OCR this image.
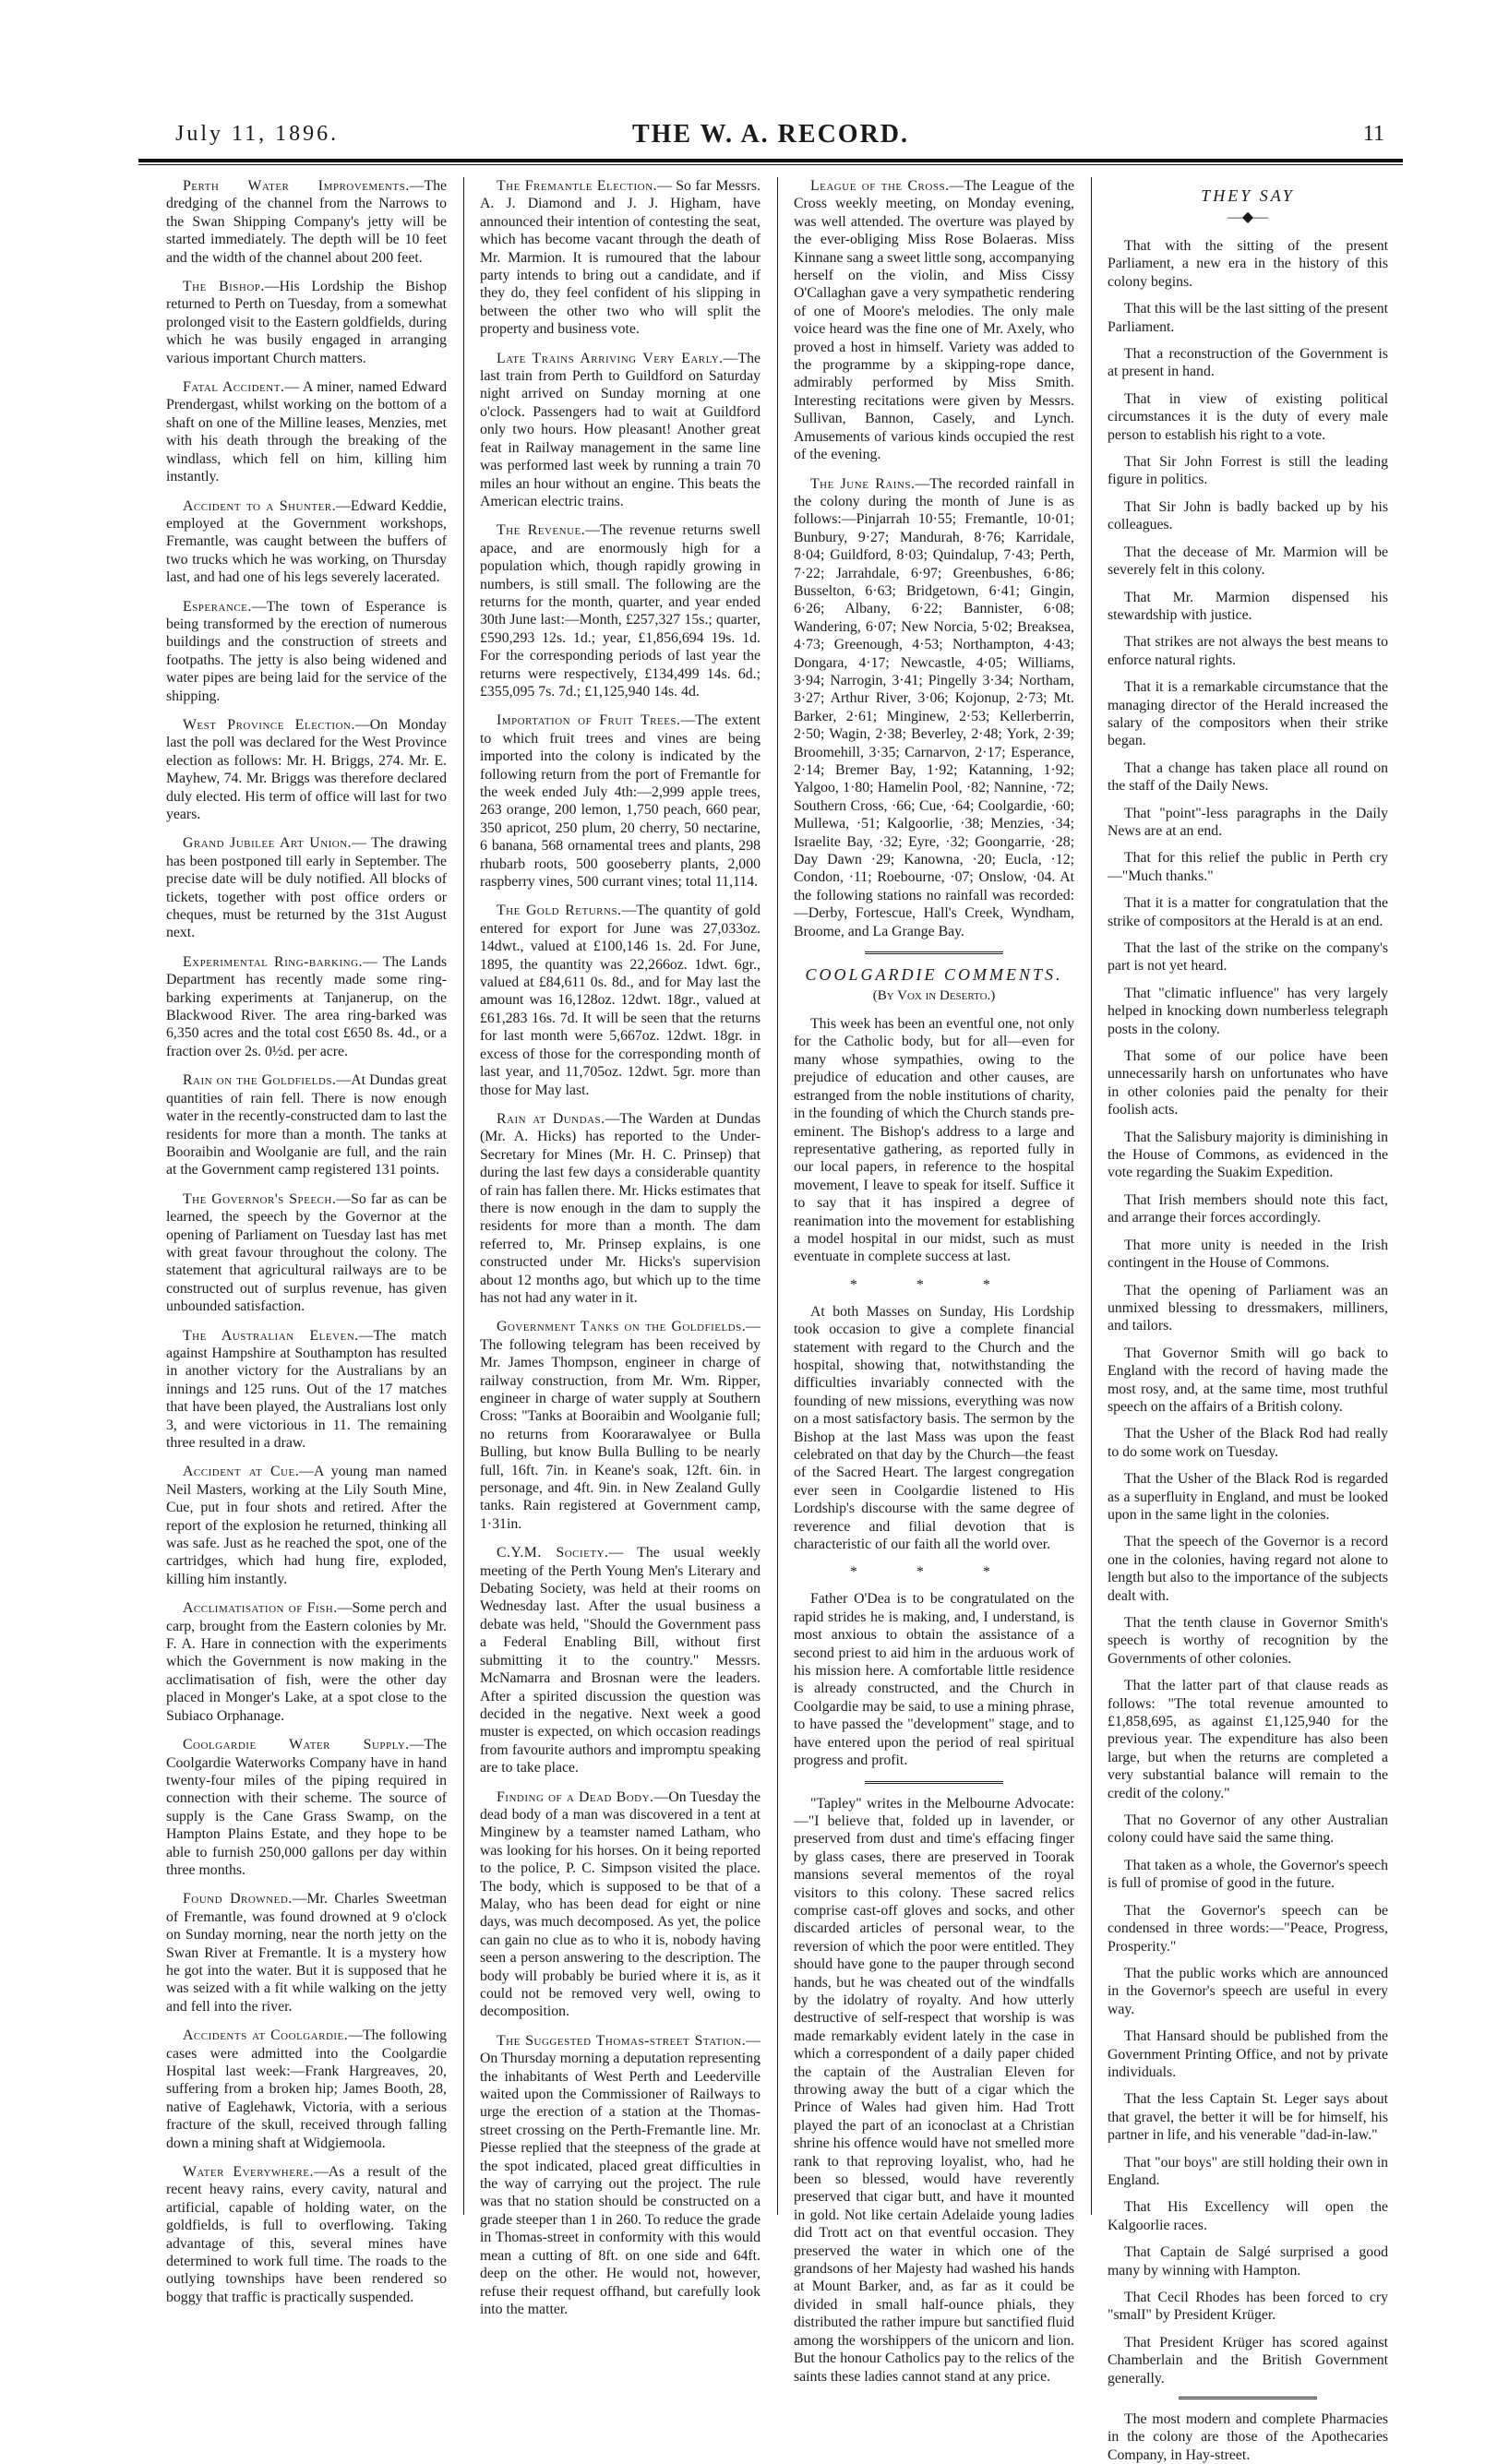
July 11, 1896.	THE W. A. RECORD.	11

Perth Water Improvements.—The dredging of the channel from the Narrows to the Swan Shipping Company's jetty will be started immediately. The depth will be 10 feet and the width of the channel about 200 feet.

The Bishop.—His Lordship the Bishop returned to Perth on Tuesday, from a somewhat prolonged visit to the Eastern goldfields, during which he was busily engaged in arranging various important Church matters.

Fatal Accident.— A miner, named Edward Prendergast, whilst working on the bottom of a shaft on one of the Milline leases, Menzies, met with his death through the breaking of the windlass, which fell on him, killing him instantly.

Accident to a Shunter.—Edward Keddie, employed at the Government workshops, Fremantle, was caught between the buffers of two trucks which he was working, on Thursday last, and had one of his legs severely lacerated.

Esperance.—The town of Esperance is being transformed by the erection of numerous buildings and the construction of streets and footpaths. The jetty is also being widened and water pipes are being laid for the service of the shipping.

West Province Election.—On Monday last the poll was declared for the West Province election as follows: Mr. H. Briggs, 274. Mr. E. Mayhew, 74. Mr. Briggs was therefore declared duly elected. His term of office will last for two years.

Grand Jubilee Art Union.— The drawing has been postponed till early in September. The precise date will be duly notified. All blocks of tickets, together with post office orders or cheques, must be returned by the 31st August next.

Experimental Ring-barking.— The Lands Department has recently made some ring-barking experiments at Tanjanerup, on the Blackwood River. The area ring-barked was 6,350 acres and the total cost £650 8s. 4d., or a fraction over 2s. 0½d. per acre.

Rain on the Goldfields.—At Dundas great quantities of rain fell. There is now enough water in the recently-constructed dam to last the residents for more than a month. The tanks at Booraibin and Woolganie are full, and the rain at the Government camp registered 131 points.

The Governor's Speech.—So far as can be learned, the speech by the Governor at the opening of Parliament on Tuesday last has met with great favour throughout the colony. The statement that agricultural railways are to be constructed out of surplus revenue, has given unbounded satisfaction.

The Australian Eleven.—The match against Hampshire at Southampton has resulted in another victory for the Australians by an innings and 125 runs. Out of the 17 matches that have been played, the Australians lost only 3, and were victorious in 11. The remaining three resulted in a draw.

Accident at Cue.—A young man named Neil Masters, working at the Lily South Mine, Cue, put in four shots and retired. After the report of the explosion he returned, thinking all was safe. Just as he reached the spot, one of the cartridges, which had hung fire, exploded, killing him instantly.

Acclimatisation of Fish.—Some perch and carp, brought from the Eastern colonies by Mr. F. A. Hare in connection with the experiments which the Government is now making in the acclimatisation of fish, were the other day placed in Monger's Lake, at a spot close to the Subiaco Orphanage.

Coolgardie Water Supply.—The Coolgardie Waterworks Company have in hand twenty-four miles of the piping required in connection with their scheme. The source of supply is the Cane Grass Swamp, on the Hampton Plains Estate, and they hope to be able to furnish 250,000 gallons per day within three months.

Found Drowned.—Mr. Charles Sweetman of Fremantle, was found drowned at 9 o'clock on Sunday morning, near the north jetty on the Swan River at Fremantle. It is a mystery how he got into the water. But it is supposed that he was seized with a fit while walking on the jetty and fell into the river.

Accidents at Coolgardie.—The following cases were admitted into the Coolgardie Hospital last week:—Frank Hargreaves, 20, suffering from a broken hip; James Booth, 28, native of Eaglehawk, Victoria, with a serious fracture of the skull, received through falling down a mining shaft at Widgiemoola.

Water Everywhere.—As a result of the recent heavy rains, every cavity, natural and artificial, capable of holding water, on the goldfields, is full to overflowing. Taking advantage of this, several mines have determined to work full time. The roads to the outlying townships have been rendered so boggy that traffic is practically suspended.

The Fremantle Election.— So far Messrs. A. J. Diamond and J. J. Higham, have announced their intention of contesting the seat, which has become vacant through the death of Mr. Marmion. It is rumoured that the labour party intends to bring out a candidate, and if they do, they feel confident of his slipping in between the other two who will split the property and business vote.

Late Trains Arriving Very Early.—The last train from Perth to Guildford on Saturday night arrived on Sunday morning at one o'clock. Passengers had to wait at Guildford only two hours. How pleasant! Another great feat in Railway management in the same line was performed last week by running a train 70 miles an hour without an engine. This beats the American electric trains.

The Revenue.—The revenue returns swell apace, and are enormously high for a population which, though rapidly growing in numbers, is still small. The following are the returns for the month, quarter, and year ended 30th June last:—Month, £257,327 15s.; quarter, £590,293 12s. 1d.; year, £1,856,694 19s. 1d. For the corresponding periods of last year the returns were respectively, £134,499 14s. 6d.; £355,095 7s. 7d.; £1,125,940 14s. 4d.

Importation of Fruit Trees.—The extent to which fruit trees and vines are being imported into the colony is indicated by the following return from the port of Fremantle for the week ended July 4th:—2,999 apple trees, 263 orange, 200 lemon, 1,750 peach, 660 pear, 350 apricot, 250 plum, 20 cherry, 50 nectarine, 6 banana, 568 ornamental trees and plants, 298 rhubarb roots, 500 gooseberry plants, 2,000 raspberry vines, 500 currant vines; total 11,114.

The Gold Returns.—The quantity of gold entered for export for June was 27,033oz. 14dwt., valued at £100,146 1s. 2d. For June, 1895, the quantity was 22,266oz. 1dwt. 6gr., valued at £84,611 0s. 8d., and for May last the amount was 16,128oz. 12dwt. 18gr., valued at £61,283 16s. 7d. It will be seen that the returns for last month were 5,667oz. 12dwt. 18gr. in excess of those for the corresponding month of last year, and 11,705oz. 12dwt. 5gr. more than those for May last.

Rain at Dundas.—The Warden at Dundas (Mr. A. Hicks) has reported to the Under-Secretary for Mines (Mr. H. C. Prinsep) that during the last few days a considerable quantity of rain has fallen there. Mr. Hicks estimates that there is now enough in the dam to supply the residents for more than a month. The dam referred to, Mr. Prinsep explains, is one constructed under Mr. Hicks's supervision about 12 months ago, but which up to the time has not had any water in it.

Government Tanks on the Goldfields.—The following telegram has been received by Mr. James Thompson, engineer in charge of railway construction, from Mr. Wm. Ripper, engineer in charge of water supply at Southern Cross: "Tanks at Booraibin and Woolganie full; no returns from Koorarawalyee or Bulla Bulling, but know Bulla Bulling to be nearly full, 16ft. 7in. in Keane's soak, 12ft. 6in. in personage, and 4ft. 9in. in New Zealand Gully tanks. Rain registered at Government camp, 1·31in.

C.Y.M. Society.— The usual weekly meeting of the Perth Young Men's Literary and Debating Society, was held at their rooms on Wednesday last. After the usual business a debate was held, "Should the Government pass a Federal Enabling Bill, without first submitting it to the country." Messrs. McNamarra and Brosnan were the leaders. After a spirited discussion the question was decided in the negative. Next week a good muster is expected, on which occasion readings from favourite authors and impromptu speaking are to take place.

Finding of a Dead Body.—On Tuesday the dead body of a man was discovered in a tent at Minginew by a teamster named Latham, who was looking for his horses. On it being reported to the police, P. C. Simpson visited the place. The body, which is supposed to be that of a Malay, who has been dead for eight or nine days, was much decomposed. As yet, the police can gain no clue as to who it is, nobody having seen a person answering to the description. The body will probably be buried where it is, as it could not be removed very well, owing to decomposition.

The Suggested Thomas-street Station.—On Thursday morning a deputation representing the inhabitants of West Perth and Leederville waited upon the Commissioner of Railways to urge the erection of a station at the Thomas-street crossing on the Perth-Fremantle line. Mr. Piesse replied that the steepness of the grade at the spot indicated, placed great difficulties in the way of carrying out the project. The rule was that no station should be constructed on a grade steeper than 1 in 260. To reduce the grade in Thomas-street in conformity with this would mean a cutting of 8ft. on one side and 64ft. deep on the other. He would not, however, refuse their request offhand, but carefully look into the matter.

League of the Cross.—The League of the Cross weekly meeting, on Monday evening, was well attended. The overture was played by the ever-obliging Miss Rose Bolaeras. Miss Kinnane sang a sweet little song, accompanying herself on the violin, and Miss Cissy O'Callaghan gave a very sympathetic rendering of one of Moore's melodies. The only male voice heard was the fine one of Mr. Axely, who proved a host in himself. Variety was added to the programme by a skipping-rope dance, admirably performed by Miss Smith. Interesting recitations were given by Messrs. Sullivan, Bannon, Casely, and Lynch. Amusements of various kinds occupied the rest of the evening.

The June Rains.—The recorded rainfall in the colony during the month of June is as follows:—Pinjarrah 10·55; Fremantle, 10·01; Bunbury, 9·27; Mandurah, 8·76; Karridale, 8·04; Guildford, 8·03; Quindalup, 7·43; Perth, 7·22; Jarrahdale, 6·97; Greenbushes, 6·86; Busselton, 6·63; Bridgetown, 6·41; Gingin, 6·26; Albany, 6·22; Bannister, 6·08; Wandering, 6·07; New Norcia, 5·02; Breaksea, 4·73; Greenough, 4·53; Northampton, 4·43; Dongara, 4·17; Newcastle, 4·05; Williams, 3·94; Narrogin, 3·41; Pingelly 3·34; Northam, 3·27; Arthur River, 3·06; Kojonup, 2·73; Mt. Barker, 2·61; Minginew, 2·53; Kellerberrin, 2·50; Wagin, 2·38; Beverley, 2·48; York, 2·39; Broomehill, 3·35; Carnarvon, 2·17; Esperance, 2·14; Bremer Bay, 1·92; Katanning, 1·92; Yalgoo, 1·80; Hamelin Pool, ·82; Nannine, ·72; Southern Cross, ·66; Cue, ·64; Coolgardie, ·60; Mullewa, ·51; Kalgoorlie, ·38; Menzies, ·34; Israelite Bay, ·32; Eyre, ·32; Goongarrie, ·28; Day Dawn ·29; Kanowna, ·20; Eucla, ·12; Condon, ·11; Roebourne, ·07; Onslow, ·04. At the following stations no rainfall was recorded:—Derby, Fortescue, Hall's Creek, Wyndham, Broome, and La Grange Bay.

COOLGARDIE COMMENTS.
(By Vox in Deserto.)

This week has been an eventful one, not only for the Catholic body, but for all—even for many whose sympathies, owing to the prejudice of education and other causes, are estranged from the noble institutions of charity, in the founding of which the Church stands pre-eminent. The Bishop's address to a large and representative gathering, as reported fully in our local papers, in reference to the hospital movement, I leave to speak for itself. Suffice it to say that it has inspired a degree of reanimation into the movement for establishing a model hospital in our midst, such as must eventuate in complete success at last.

* * *

At both Masses on Sunday, His Lordship took occasion to give a complete financial statement with regard to the Church and the hospital, showing that, notwithstanding the difficulties invariably connected with the founding of new missions, everything was now on a most satisfactory basis. The sermon by the Bishop at the last Mass was upon the feast celebrated on that day by the Church—the feast of the Sacred Heart. The largest congregation ever seen in Coolgardie listened to His Lordship's discourse with the same degree of reverence and filial devotion that is characteristic of our faith all the world over.

* * *

Father O'Dea is to be congratulated on the rapid strides he is making, and, I understand, is most anxious to obtain the assistance of a second priest to aid him in the arduous work of his mission here. A comfortable little residence is already constructed, and the Church in Coolgardie may be said, to use a mining phrase, to have passed the "development" stage, and to have entered upon the period of real spiritual progress and profit.

"Tapley" writes in the Melbourne Advocate:—"I believe that, folded up in lavender, or preserved from dust and time's effacing finger by glass cases, there are preserved in Toorak mansions several mementos of the royal visitors to this colony. These sacred relics comprise cast-off gloves and socks, and other discarded articles of personal wear, to the reversion of which the poor were entitled. They should have gone to the pauper through second hands, but he was cheated out of the windfalls by the idolatry of royalty. And how utterly destructive of self-respect that worship is was made remarkably evident lately in the case in which a correspondent of a daily paper chided the captain of the Australian Eleven for throwing away the butt of a cigar which the Prince of Wales had given him. Had Trott played the part of an iconoclast at a Christian shrine his offence would have not smelled more rank to that reproving loyalist, who, had he been so blessed, would have reverently preserved that cigar butt, and have it mounted in gold. Not like certain Adelaide young ladies did Trott act on that eventful occasion. They preserved the water in which one of the grandsons of her Majesty had washed his hands at Mount Barker, and, as far as it could be divided in small half-ounce phials, they distributed the rather impure but sanctified fluid among the worshippers of the unicorn and lion. But the honour Catholics pay to the relics of the saints these ladies cannot stand at any price.

THEY SAY
—◆—

That with the sitting of the present Parliament, a new era in the history of this colony begins.

That this will be the last sitting of the present Parliament.

That a reconstruction of the Government is at present in hand.

That in view of existing political circumstances it is the duty of every male person to establish his right to a vote.

That Sir John Forrest is still the leading figure in politics.

That Sir John is badly backed up by his colleagues.

That the decease of Mr. Marmion will be severely felt in this colony.

That Mr. Marmion dispensed his stewardship with justice.

That strikes are not always the best means to enforce natural rights.

That it is a remarkable circumstance that the managing director of the Herald increased the salary of the compositors when their strike began.

That a change has taken place all round on the staff of the Daily News.

That "point"-less paragraphs in the Daily News are at an end.

That for this relief the public in Perth cry—"Much thanks."

That it is a matter for congratulation that the strike of compositors at the Herald is at an end.

That the last of the strike on the company's part is not yet heard.

That "climatic influence" has very largely helped in knocking down numberless telegraph posts in the colony.

That some of our police have been unnecessarily harsh on unfortunates who have in other colonies paid the penalty for their foolish acts.

That the Salisbury majority is diminishing in the House of Commons, as evidenced in the vote regarding the Suakim Expedition.

That Irish members should note this fact, and arrange their forces accordingly.

That more unity is needed in the Irish contingent in the House of Commons.

That the opening of Parliament was an unmixed blessing to dressmakers, milliners, and tailors.

That Governor Smith will go back to England with the record of having made the most rosy, and, at the same time, most truthful speech on the affairs of a British colony.

That the Usher of the Black Rod had really to do some work on Tuesday.

That the Usher of the Black Rod is regarded as a superfluity in England, and must be looked upon in the same light in the colonies.

That the speech of the Governor is a record one in the colonies, having regard not alone to length but also to the importance of the subjects dealt with.

That the tenth clause in Governor Smith's speech is worthy of recognition by the Governments of other colonies.

That the latter part of that clause reads as follows: "The total revenue amounted to £1,858,695, as against £1,125,940 for the previous year. The expenditure has also been large, but when the returns are completed a very substantial balance will remain to the credit of the colony."

That no Governor of any other Australian colony could have said the same thing.

That taken as a whole, the Governor's speech is full of promise of good in the future.

That the Governor's speech can be condensed in three words:—"Peace, Progress, Prosperity."

That the public works which are announced in the Governor's speech are useful in every way.

That Hansard should be published from the Government Printing Office, and not by private individuals.

That the less Captain St. Leger says about that gravel, the better it will be for himself, his partner in life, and his venerable "dad-in-law."

That "our boys" are still holding their own in England.

That His Excellency will open the Kalgoorlie races.

That Captain de Salgé surprised a good many by winning with Hampton.

That Cecil Rhodes has been forced to cry "smalI" by President Krüger.

That President Krüger has scored against Chamberlain and the British Government generally.

The most modern and complete Pharmacies in the colony are those of the Apothecaries Company, in Hay-street.
